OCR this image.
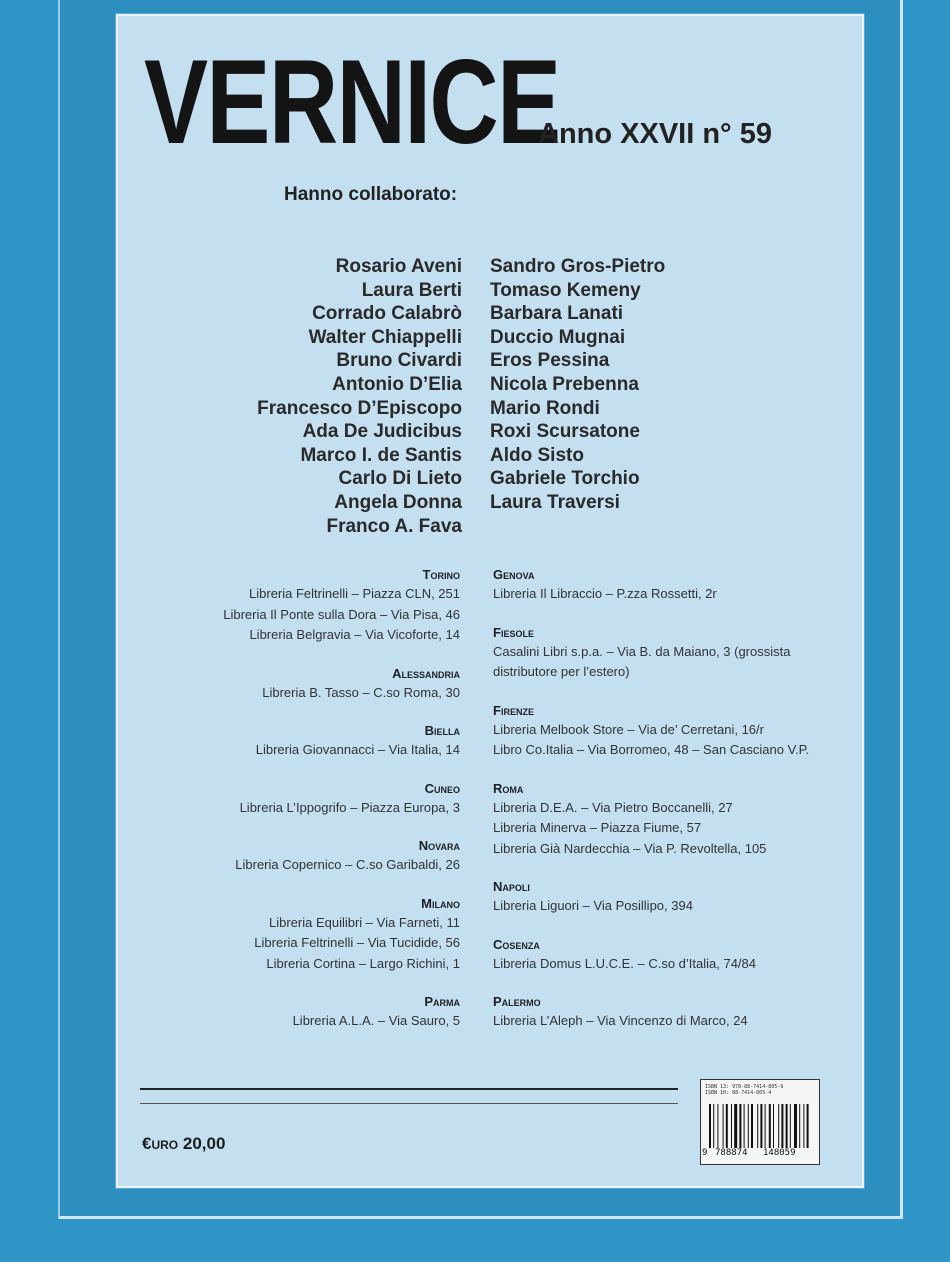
VERNICE
Anno XXVII n° 59
Hanno collaborato:
Rosario Aveni
Laura Berti
Corrado Calabrò
Walter Chiappelli
Bruno Civardi
Antonio D’Elia
Francesco D’Episcopo
Ada De Judicibus
Marco I. de Santis
Carlo Di Lieto
Angela Donna
Franco A. Fava
Sandro Gros-Pietro
Tomaso Kemeny
Barbara Lanati
Duccio Mugnai
Eros Pessina
Nicola Prebenna
Mario Rondi
Roxi Scursatone
Aldo Sisto
Gabriele Torchio
Laura Traversi
Torino
Libreria Feltrinelli – Piazza CLN, 251
Libreria Il Ponte sulla Dora – Via Pisa, 46
Libreria Belgravia – Via Vicoforte, 14
Alessandria
Libreria B. Tasso – C.so Roma, 30
Biella
Libreria Giovannacci – Via Italia, 14
Cuneo
Libreria L’Ippogrifo – Piazza Europa, 3
Novara
Libreria Copernico – C.so Garibaldi, 26
Milano
Libreria Equilibri – Via Farneti, 11
Libreria Feltrinelli – Via Tucidide, 56
Libreria Cortina – Largo Richini, 1
Parma
Libreria A.L.A. – Via Sauro, 5
Genova
Libreria Il Libraccio – P.zza Rossetti, 2r
Fiesole
Casalini Libri s.p.a. – Via B. da Maiano, 3 (grossista
distributore per l’estero)
Firenze
Libreria Melbook Store – Via de’ Cerretani, 16/r
Libro Co.Italia – Via Borromeo, 48 – San Casciano V.P.
Roma
Libreria D.E.A. – Via Pietro Boccanelli, 27
Libreria Minerva – Piazza Fiume, 57
Libreria Già Nardecchia – Via P. Revoltella, 105
Napoli
Libreria Liguori – Via Posillipo, 394
Cosenza
Libreria Domus L.U.C.E. – C.so d’Italia, 74/84
Palermo
Libreria L’Aleph – Via Vincenzo di Marco, 24
€uro 20,00
ISBN 13: 978-88-7414-805-9
ISBN 10: 88-7414-805-4
9 788874 148059
